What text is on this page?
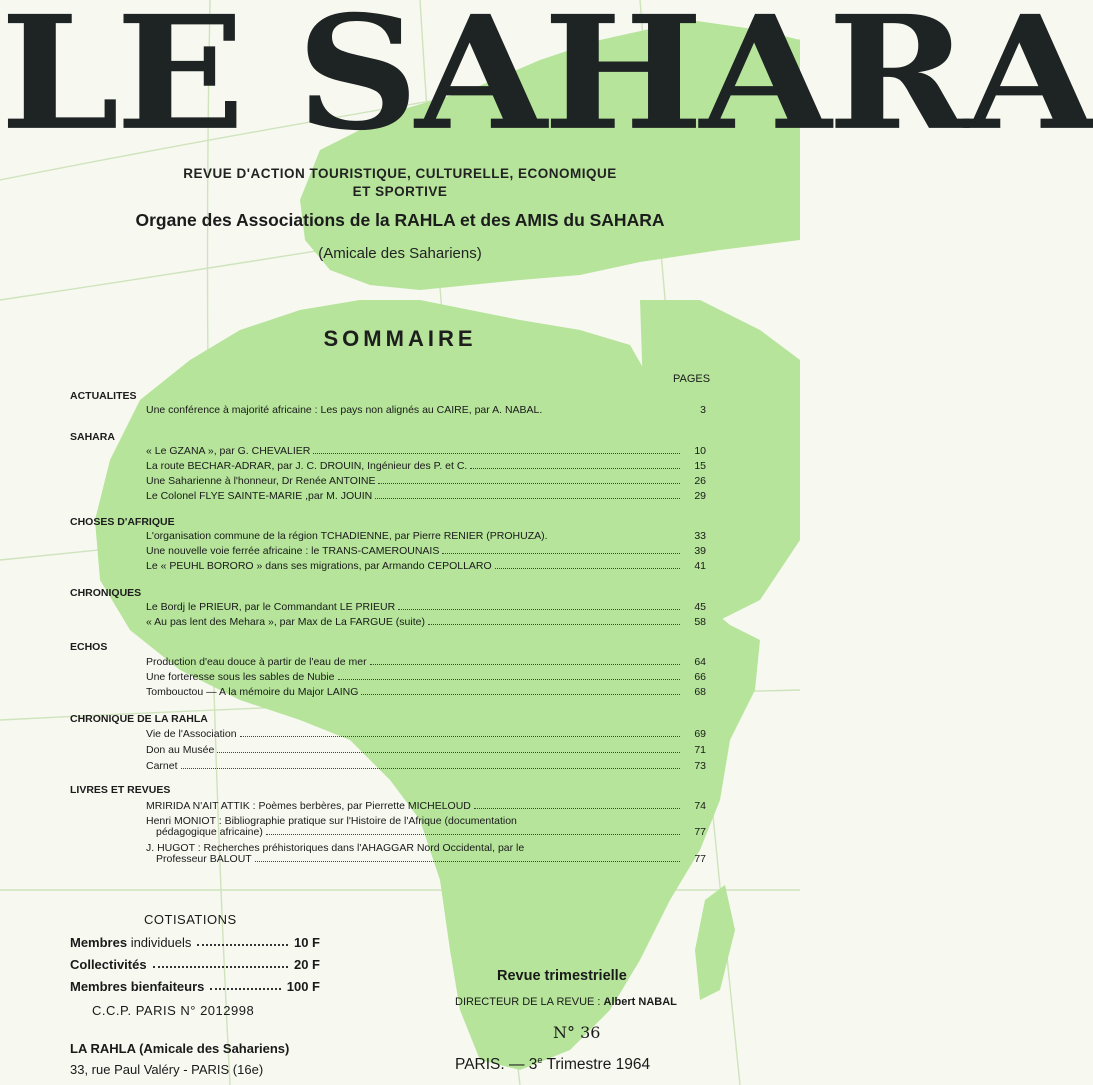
LE SAHARA
REVUE D'ACTION TOURISTIQUE, CULTURELLE, ECONOMIQUE
ET SPORTIVE
Organe des Associations de la RAHLA et des AMIS du SAHARA
(Amicale des Sahariens)
SOMMAIRE
PAGES
ACTUALITES
Une conférence à majorité africaine : Les pays non alignés au CAIRE, par A. NABAL.	3
SAHARA
« Le GZANA », par G. CHEVALIER	10
La route BECHAR-ADRAR, par J. C. DROUIN, Ingénieur des P. et C.	15
Une Saharienne à l'honneur, Dr Renée ANTOINE	26
Le Colonel FLYE SAINTE-MARIE ,par M. JOUIN	29
CHOSES D'AFRIQUE
L'organisation commune de la région TCHADIENNE, par Pierre RENIER (PROHUZA).	33
Une nouvelle voie ferrée africaine : le TRANS-CAMEROUNAIS	39
Le « PEUHL BORORO » dans ses migrations, par Armando CEPOLLARO	41
CHRONIQUES
Le Bordj le PRIEUR, par le Commandant LE PRIEUR	45
« Au pas lent des Mehara », par Max de La FARGUE (suite)	58
ECHOS
Production d'eau douce à partir de l'eau de mer	64
Une forteresse sous les sables de Nubie	66
Tombouctou — A la mémoire du Major LAING	68
CHRONIQUE DE LA RAHLA
Vie de l'Association	69
Don au Musée	71
Carnet	73
LIVRES ET REVUES
MRIRIDA N'AIT ATTIK : Poèmes berbères, par Pierrette MICHELOUD	74
Henri MONIOT : Bibliographie pratique sur l'Histoire de l'Afrique (documentation
pédagogique africaine)	77
J. HUGOT : Recherches préhistoriques dans l'AHAGGAR Nord Occidental, par le
Professeur BALOUT	77
COTISATIONS
Membres individuels	10 F
Collectivités	20 F
Membres bienfaiteurs	100 F
C.C.P. PARIS N° 2012998
LA RAHLA (Amicale des Sahariens)
33, rue Paul Valéry - PARIS (16e)
Revue trimestrielle
DIRECTEUR DE LA REVUE : Albert NABAL
N° 36
PARIS. — 3e Trimestre 1964
